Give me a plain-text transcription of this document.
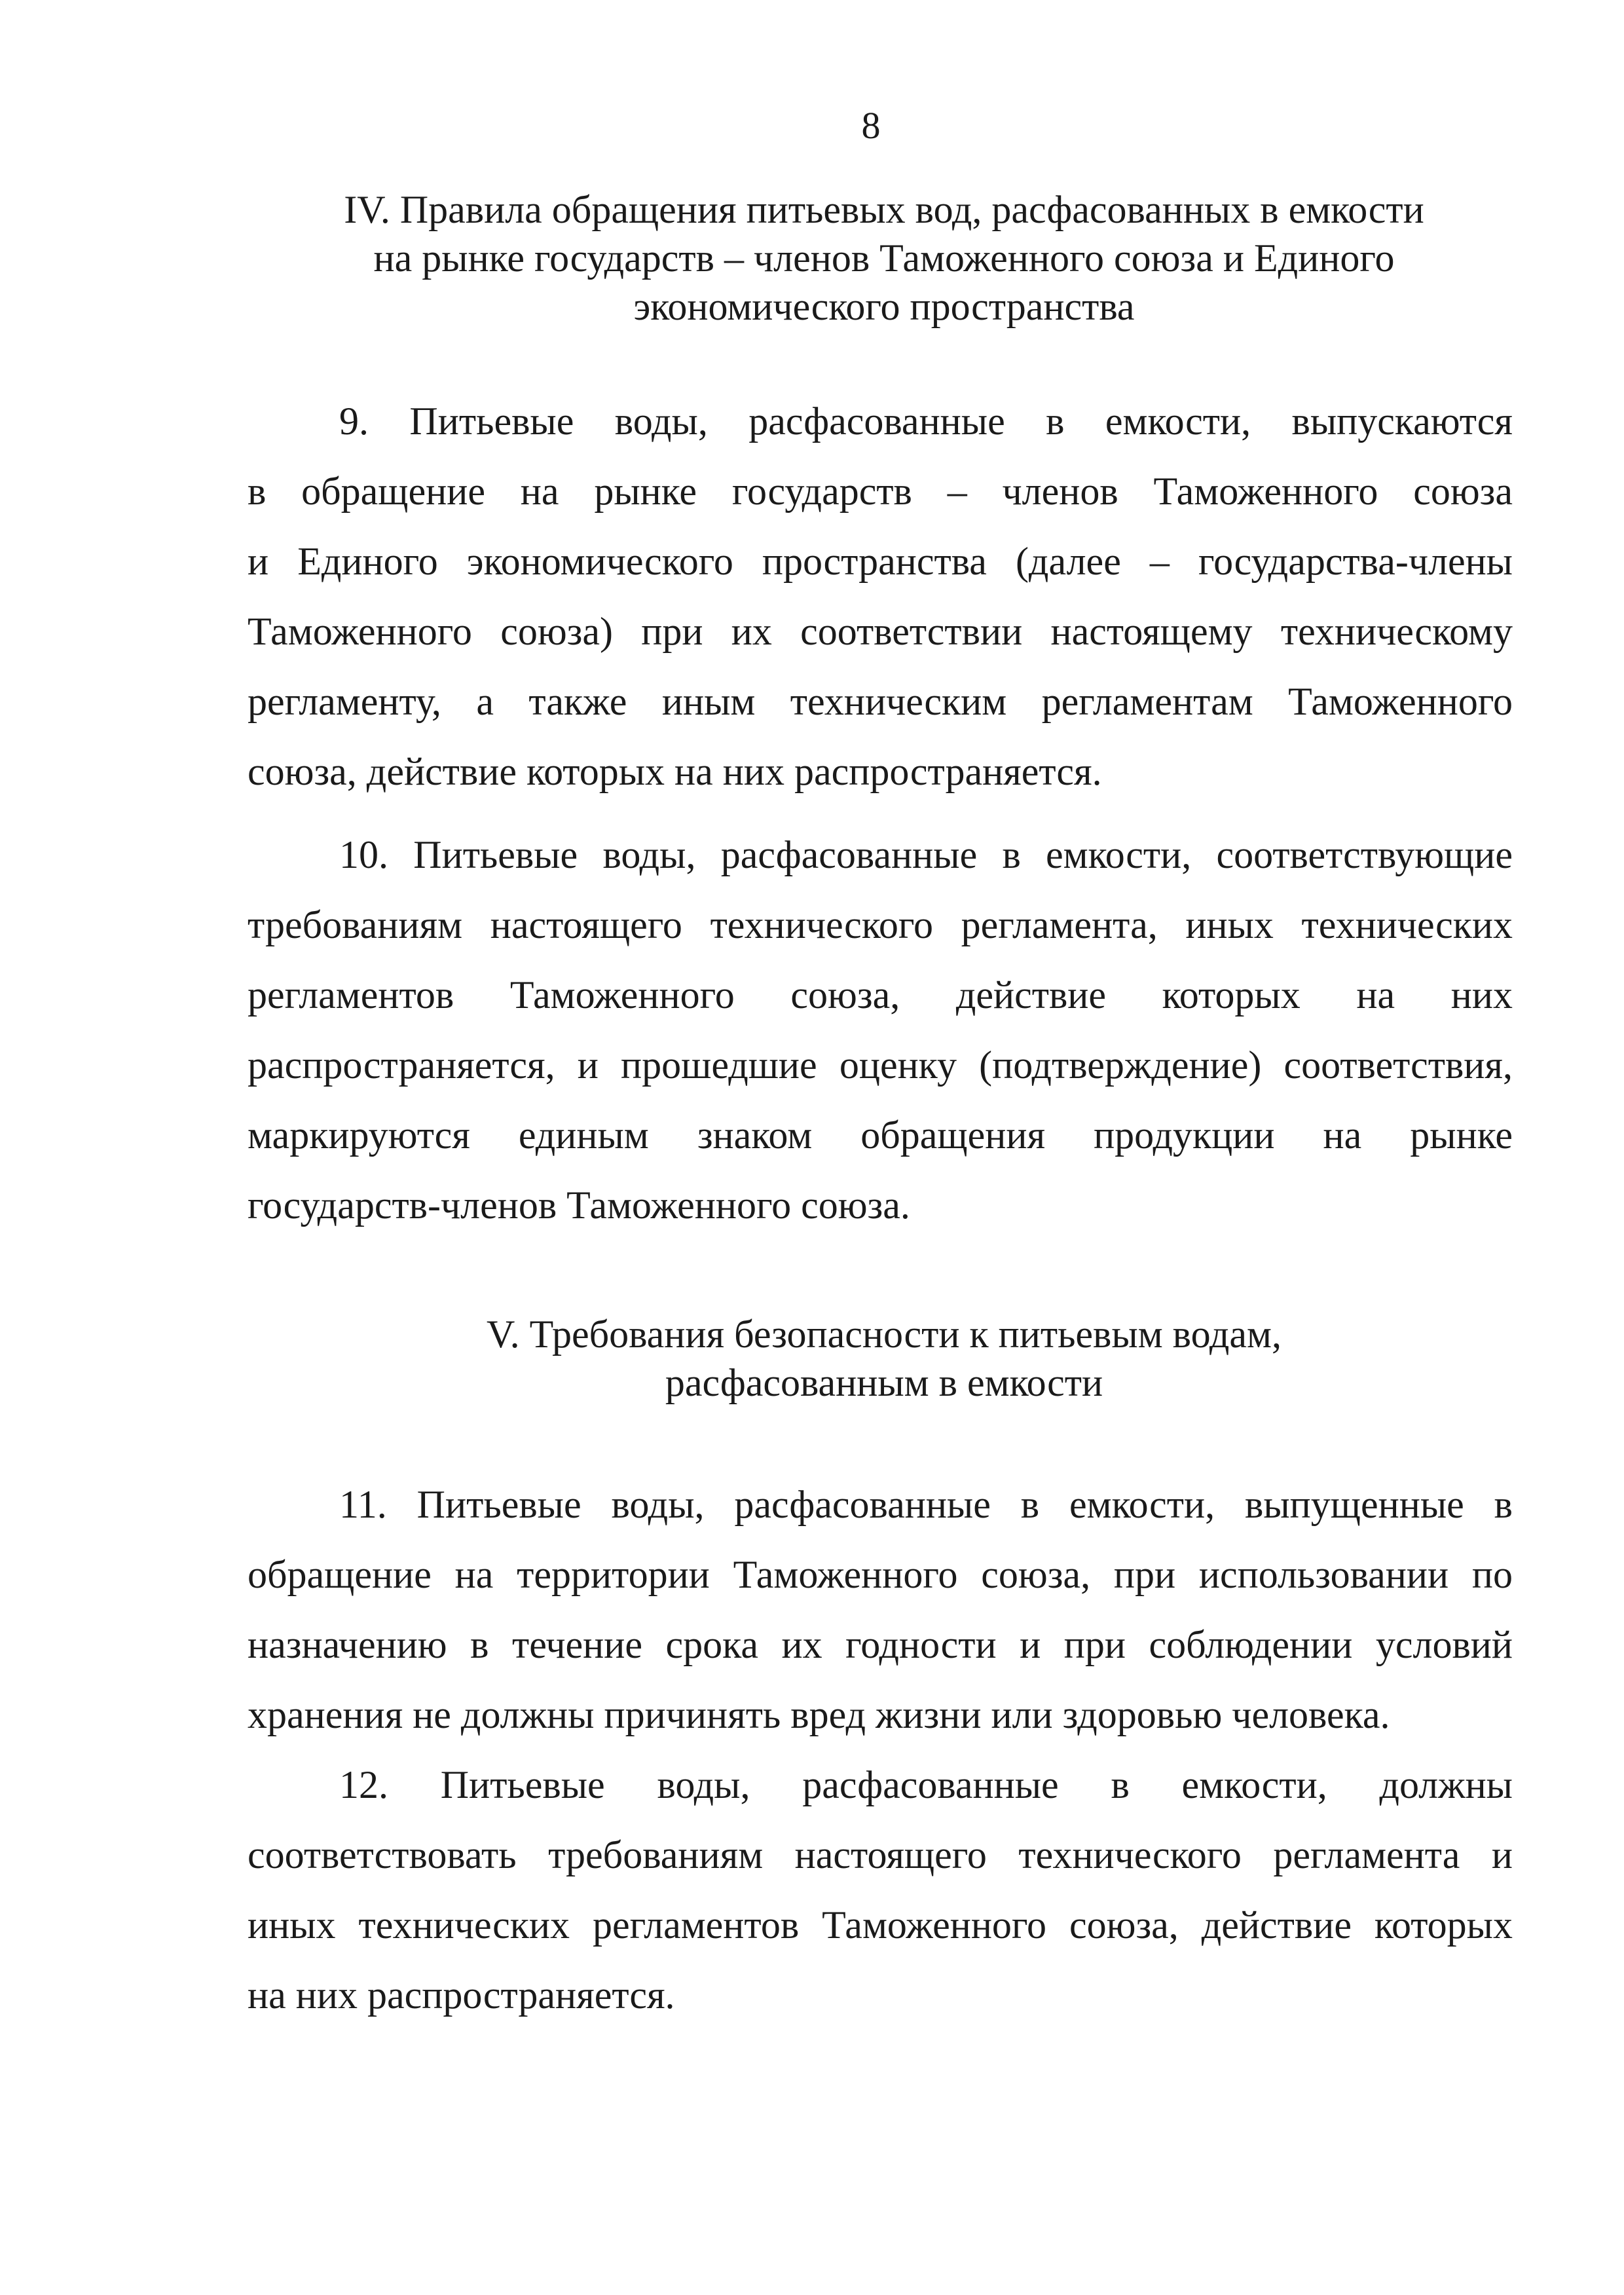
8
IV. Правила обращения питьевых вод, расфасованных в емкости
на рынке государств – членов Таможенного союза и Единого
экономического пространства
9. Питьевые воды, расфасованные в емкости, выпускаются
в обращение на рынке государств – членов Таможенного союза
и Единого экономического пространства (далее – государства-члены
Таможенного союза) при их соответствии настоящему техническому
регламенту, а также иным техническим регламентам Таможенного
союза, действие которых на них распространяется.
10. Питьевые воды, расфасованные в емкости, соответствующие
требованиям настоящего технического регламента, иных технических
регламентов Таможенного союза, действие которых на них
распространяется, и прошедшие оценку (подтверждение) соответствия,
маркируются единым знаком обращения продукции на рынке
государств-членов Таможенного союза.
V. Требования безопасности к питьевым водам,
расфасованным в емкости
11. Питьевые воды, расфасованные в емкости, выпущенные в
обращение на территории Таможенного союза, при использовании по
назначению в течение срока их годности и при соблюдении условий
хранения не должны причинять вред жизни или здоровью человека.
12. Питьевые воды, расфасованные в емкости, должны
соответствовать требованиям настоящего технического регламента и
иных технических регламентов Таможенного союза, действие которых
на них распространяется.
